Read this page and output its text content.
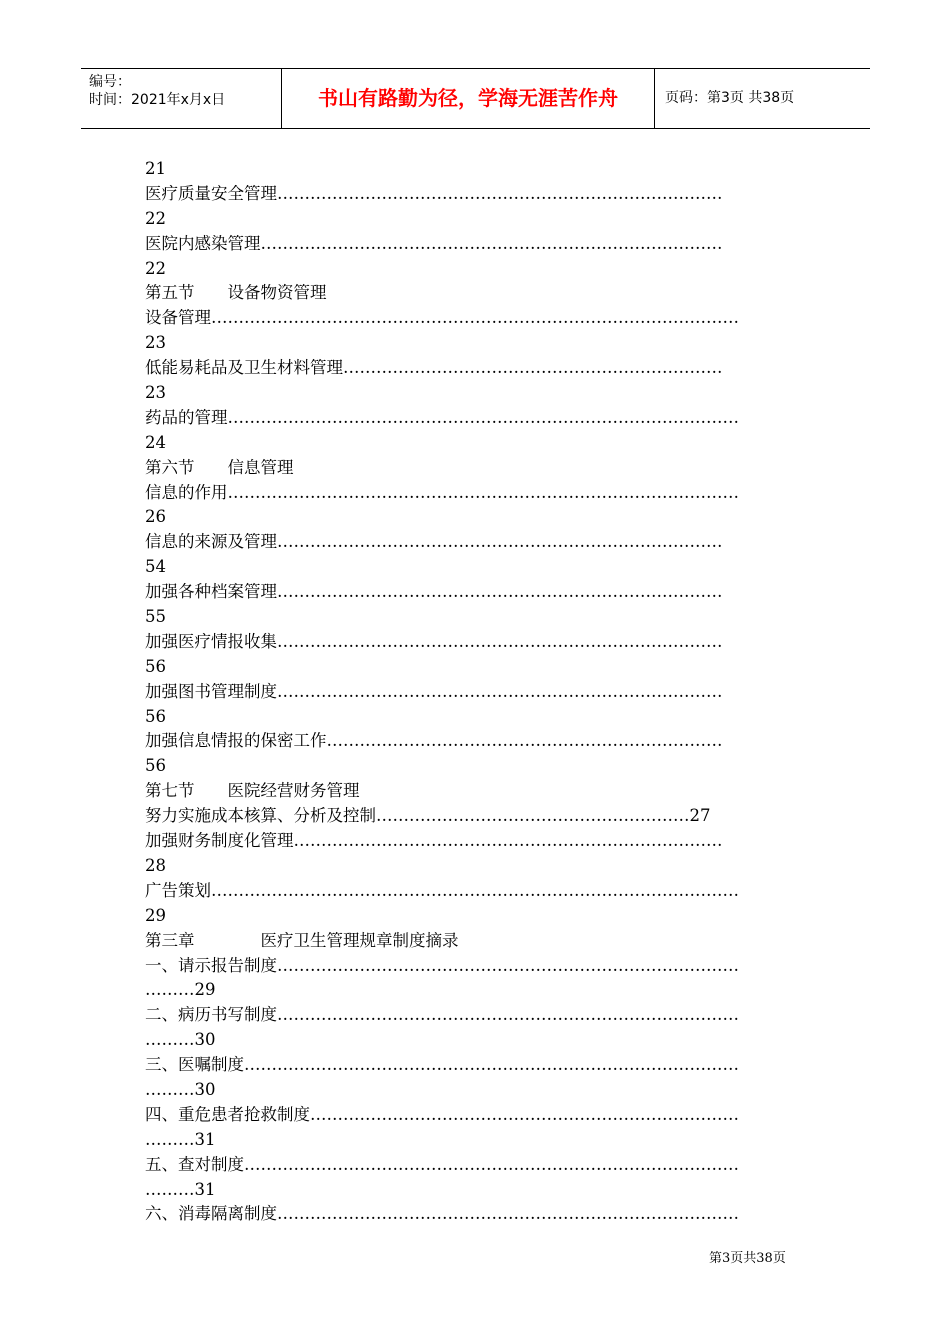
编号：
时间：2021年x月x日	书山有路勤为径，学海无涯苦作舟	页码：第3页 共38页
21
医疗质量安全管理………………………………………………………………………
22
医院内感染管理…………………………………………………………………………
22
第五节　　设备物资管理
设备管理……………………………………………………………………………………
23
低能易耗品及卫生材料管理……………………………………………………………
23
药品的管理…………………………………………………………………………………
24
第六节　　信息管理
信息的作用…………………………………………………………………………………
26
信息的来源及管理………………………………………………………………………
54
加强各种档案管理………………………………………………………………………
55
加强医疗情报收集………………………………………………………………………
56
加强图书管理制度………………………………………………………………………
56
加强信息情报的保密工作………………………………………………………………
56
第七节　　医院经营财务管理
努力实施成本核算、分析及控制…………………………………………………27
加强财务制度化管理……………………………………………………………………
28
广告策划……………………………………………………………………………………
29
第三章　　　　医疗卫生管理规章制度摘录
一、请示报告制度…………………………………………………………………………
………29
二、病历书写制度…………………………………………………………………………
………30
三、医嘱制度………………………………………………………………………………
………30
四、重危患者抢救制度……………………………………………………………………
………31
五、查对制度………………………………………………………………………………
………31
六、消毒隔离制度…………………………………………………………………………
第3页共38页
